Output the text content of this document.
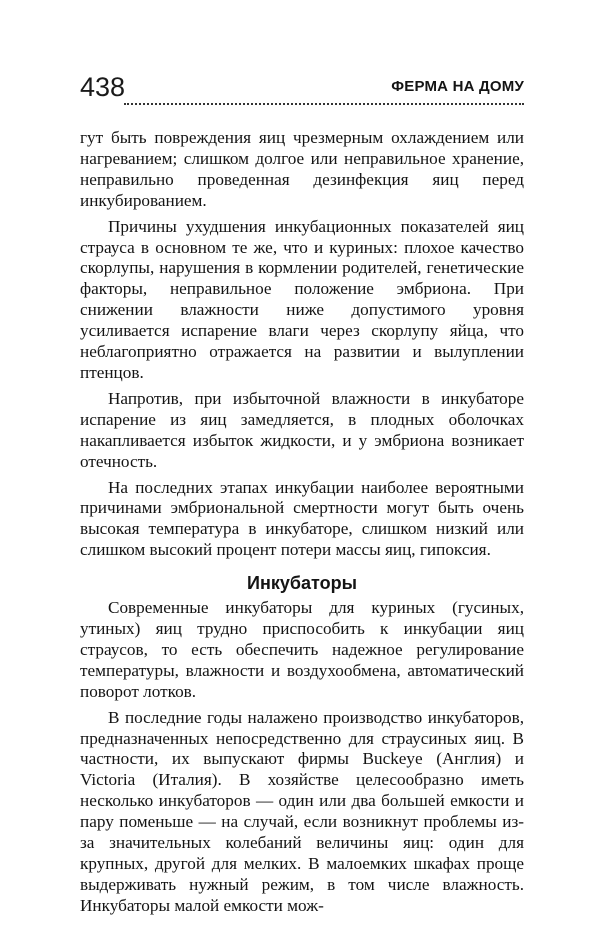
438	ФЕРМА НА ДОМУ

гут быть повреждения яиц чрезмерным охлаждением или нагреванием; слишком долгое или неправильное хранение, неправильно проведенная дезинфекция яиц перед инкубированием.

Причины ухудшения инкубационных показателей яиц страуса в основном те же, что и куриных: плохое качество скорлупы, нарушения в кормлении родителей, генетические факторы, неправильное положение эмбриона. При снижении влажности ниже допустимого уровня усиливается испарение влаги через скорлупу яйца, что неблагоприятно отражается на развитии и вылуплении птенцов.

Напротив, при избыточной влажности в инкубаторе испарение из яиц замедляется, в плодных оболочках накапливается избыток жидкости, и у эмбриона возникает отечность.

На последних этапах инкубации наиболее вероятными причинами эмбриональной смертности могут быть очень высокая температура в инкубаторе, слишком низкий или слишком высокий процент потери массы яиц, гипоксия.

Инкубаторы

Современные инкубаторы для куриных (гусиных, утиных) яиц трудно приспособить к инкубации яиц страусов, то есть обеспечить надежное регулирование температуры, влажности и воздухообмена, автоматический поворот лотков.

В последние годы налажено производство инкубаторов, предназначенных непосредственно для страусиных яиц. В частности, их выпускают фирмы Buckeye (Англия) и Victoria (Италия). В хозяйстве целесообразно иметь несколько инкубаторов — один или два большей емкости и пару поменьше — на случай, если возникнут проблемы из-за значительных колебаний величины яиц: один для крупных, другой для мелких. В малоемких шкафах проще выдерживать нужный режим, в том числе влажность. Инкубаторы малой емкости мож-
